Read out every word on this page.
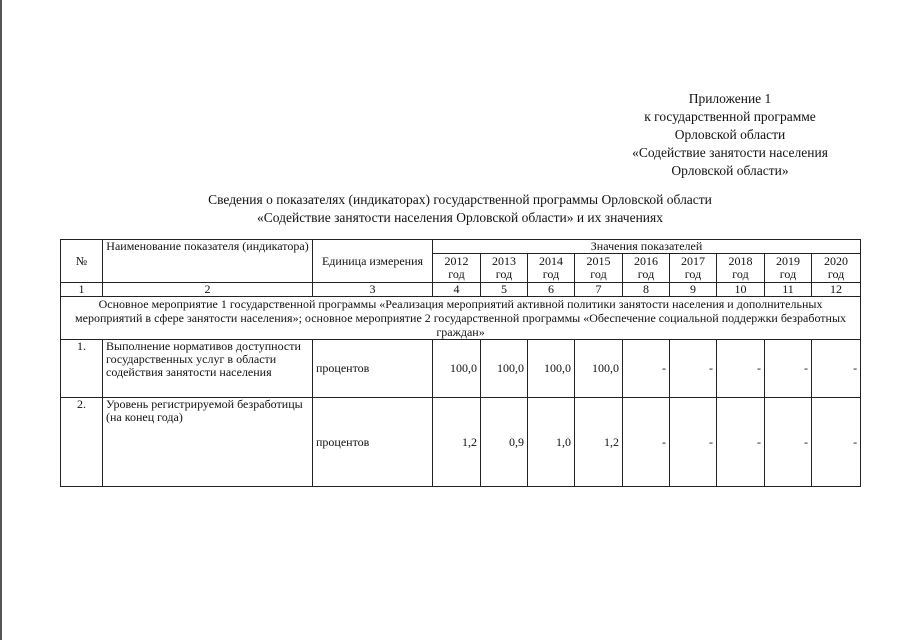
Приложение 1
к государственной программе
Орловской области
«Содействие занятости населения
Орловской области»
Сведения о показателях (индикаторах) государственной программы Орловской области
«Содействие занятости населения Орловской области» и их значениях
№	Наименование показателя (индикатора)	Единица измерения	Значения показателей								
			2012 год	2013 год	2014 год	2015 год	2016 год	2017 год	2018 год	2019 год	2020 год
1	2	3	4	5	6	7	8	9	10	11	12
Основное мероприятие 1 государственной программы «Реализация мероприятий активной политики занятости населения и дополнительных мероприятий в сфере занятости населения»; основное мероприятие 2 государственной программы «Обеспечение социальной поддержки безработных граждан»											
1.	Выполнение нормативов доступности государственных услуг в области содействия занятости населения	процентов	100,0	100,0	100,0	100,0	-	-	-	-	-
2.	Уровень регистрируемой безработицы (на конец года)	процентов	1,2	0,9	1,0	1,2	-	-	-	-	-
